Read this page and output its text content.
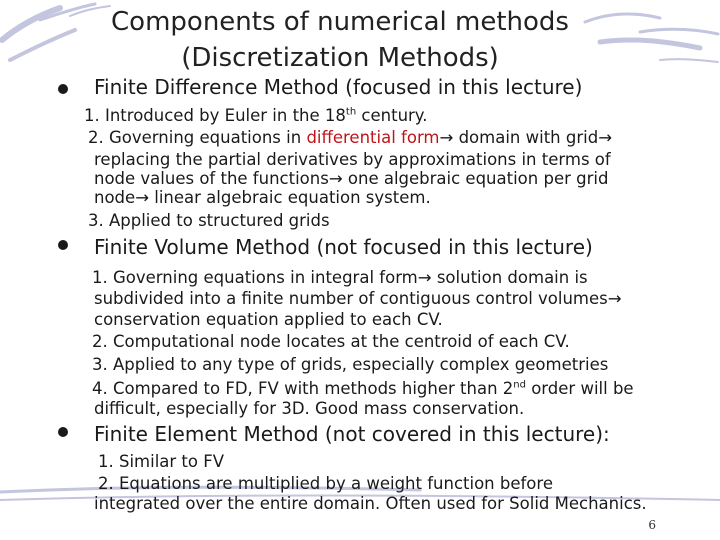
Components of numerical methods
(Discretization Methods)
Finite Difference Method (focused in this lecture)
1. Introduced by Euler in the 18th century.
2. Governing equations in differential form→ domain with grid→
replacing the partial derivatives by approximations in terms of
node values of the functions→ one algebraic equation per grid
node→ linear algebraic equation system.
3. Applied to structured grids
Finite Volume Method (not focused in this lecture)
1. Governing equations in integral form→ solution domain is
subdivided into a finite number of contiguous control volumes→
conservation equation applied to each CV.
2. Computational node locates at the centroid of each CV.
3. Applied to any type of grids, especially complex geometries
4. Compared to FD, FV with methods higher than 2nd order will be
difficult, especially for 3D. Good mass conservation.
Finite Element Method (not covered in this lecture):
1. Similar to FV
2. Equations are multiplied by a weight function before
integrated over the entire domain. Often used for Solid Mechanics.
6
